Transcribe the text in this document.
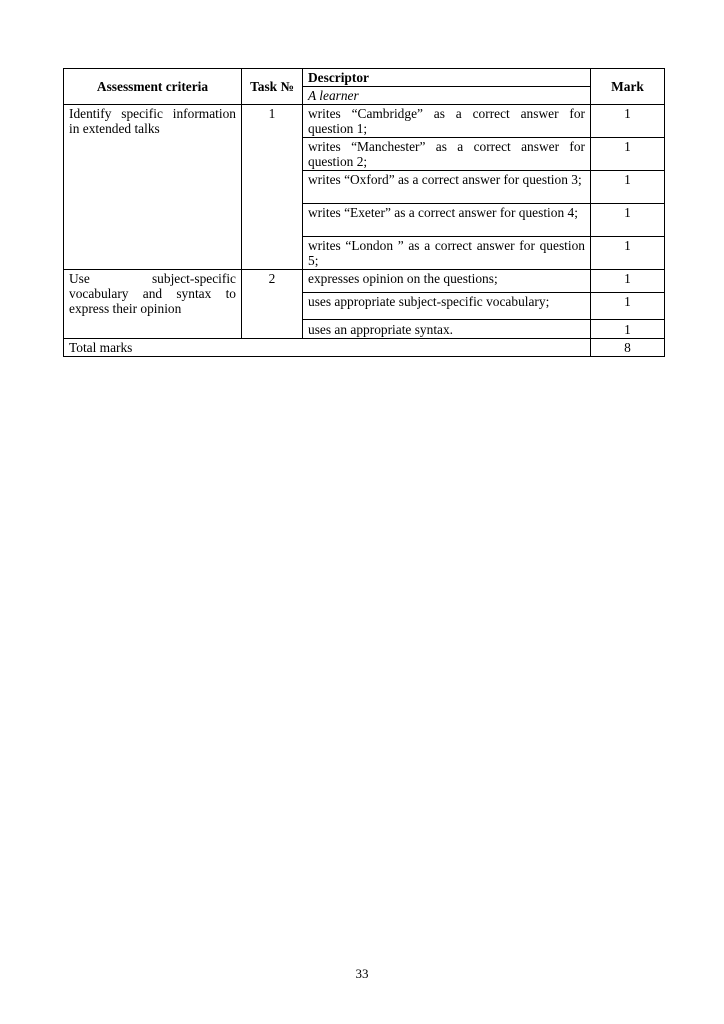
Assessment criteria	Task №	Descriptor	Mark
		A learner	
Identify specific information in extended talks	1	writes “Cambridge” as a correct answer for question 1;	1
		writes “Manchester” as a correct answer for question 2;	1
		writes “Oxford” as a correct answer for question 3;	1
		writes “Exeter” as a correct answer for question 4;	1
		writes “London ” as a correct answer for question 5;	1
Use subject-specific vocabulary and syntax to express their opinion	2	expresses opinion on the questions;	1
		uses appropriate subject-specific vocabulary;	1
		uses an appropriate syntax.	1
Total marks			8
33
